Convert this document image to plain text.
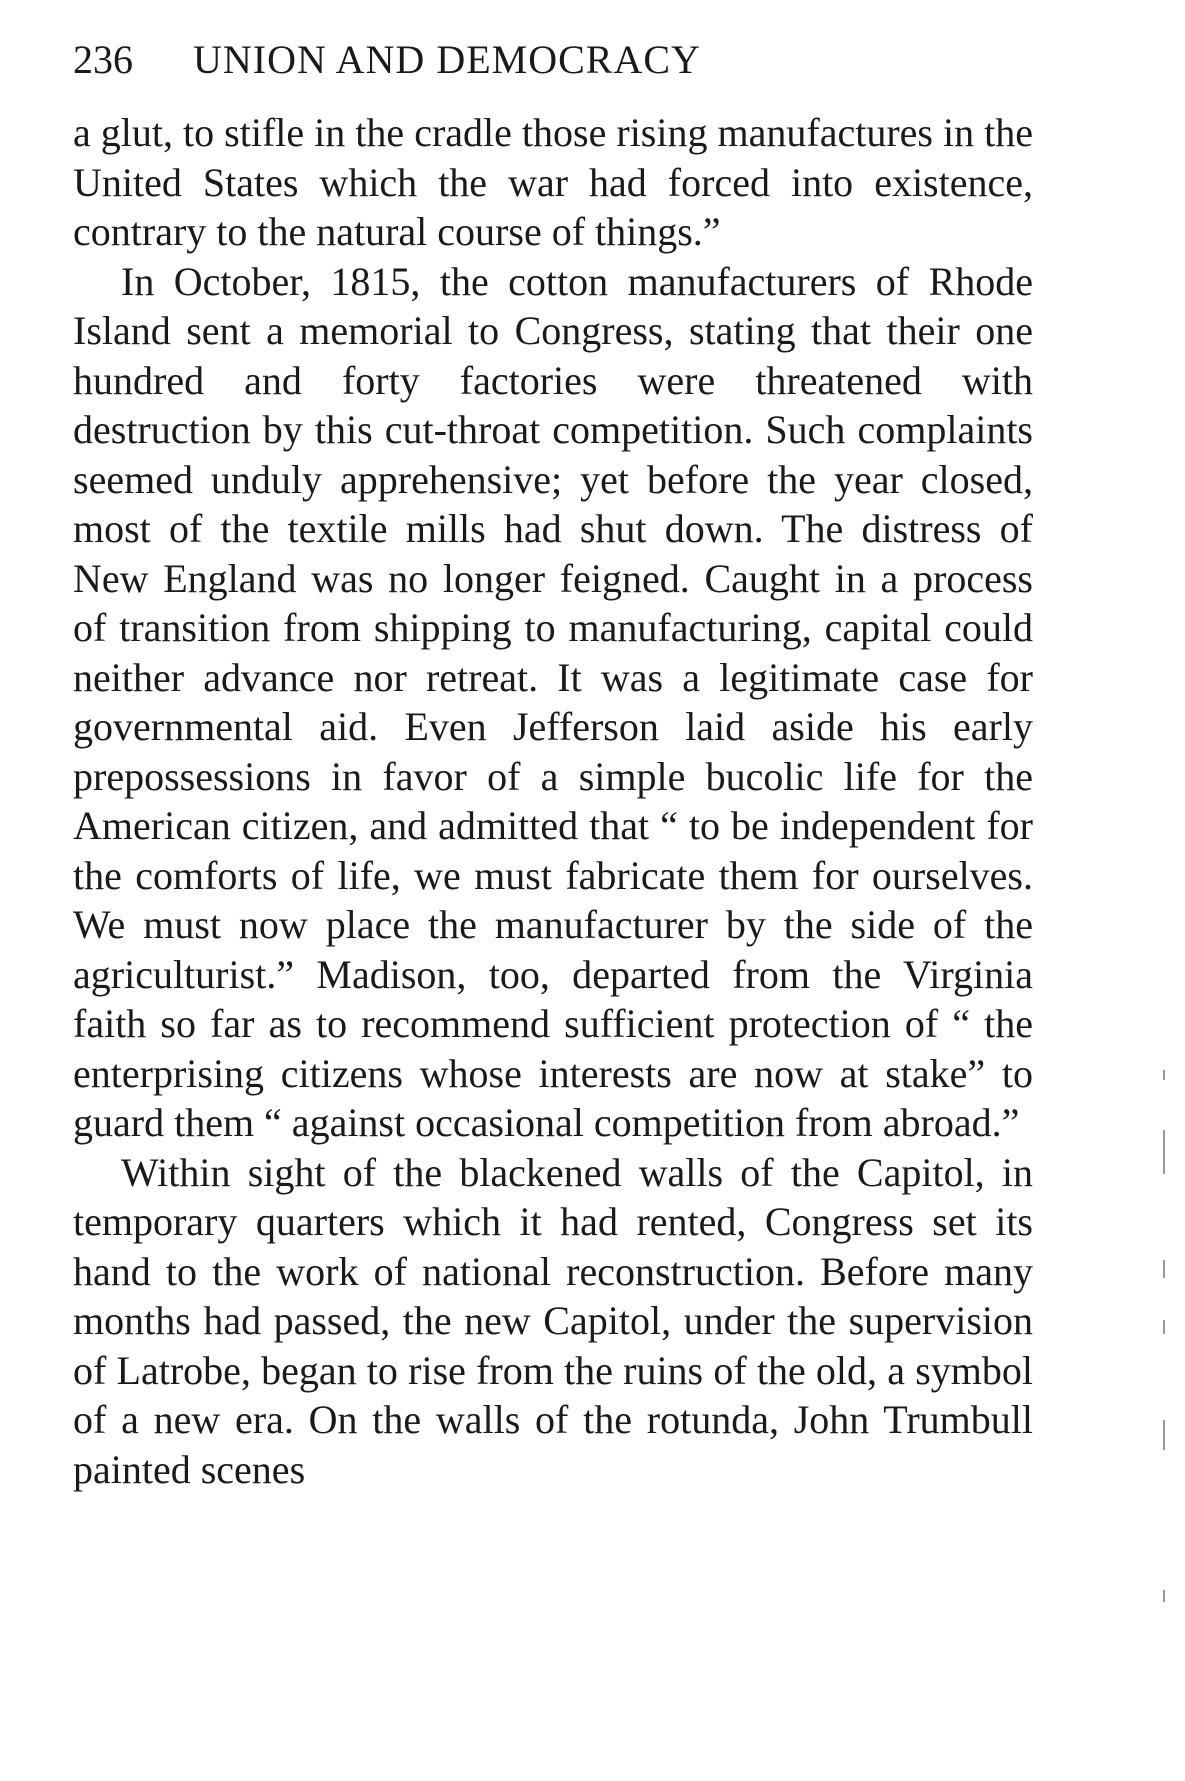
236 UNION AND DEMOCRACY

a glut, to stifle in the cradle those rising manufactures in the United States which the war had forced into existence, contrary to the natural course of things.”

In October, 1815, the cotton manufacturers of Rhode Island sent a memorial to Congress, stating that their one hundred and forty factories were threatened with destruction by this cut-throat competition. Such complaints seemed unduly apprehensive; yet before the year closed, most of the textile mills had shut down. The distress of New England was no longer feigned. Caught in a process of transition from shipping to manufacturing, capital could neither advance nor retreat. It was a legitimate case for governmental aid. Even Jefferson laid aside his early prepossessions in favor of a simple bucolic life for the American citizen, and admitted that “ to be independent for the comforts of life, we must fabricate them for ourselves. We must now place the manufacturer by the side of the agriculturist.” Madison, too, departed from the Virginia faith so far as to recommend sufficient protection of “ the enterprising citizens whose interests are now at stake” to guard them “ against occasional competition from abroad.”

Within sight of the blackened walls of the Capitol, in temporary quarters which it had rented, Congress set its hand to the work of national reconstruction. Before many months had passed, the new Capitol, under the supervision of Latrobe, began to rise from the ruins of the old, a symbol of a new era. On the walls of the rotunda, John Trumbull painted scenes
